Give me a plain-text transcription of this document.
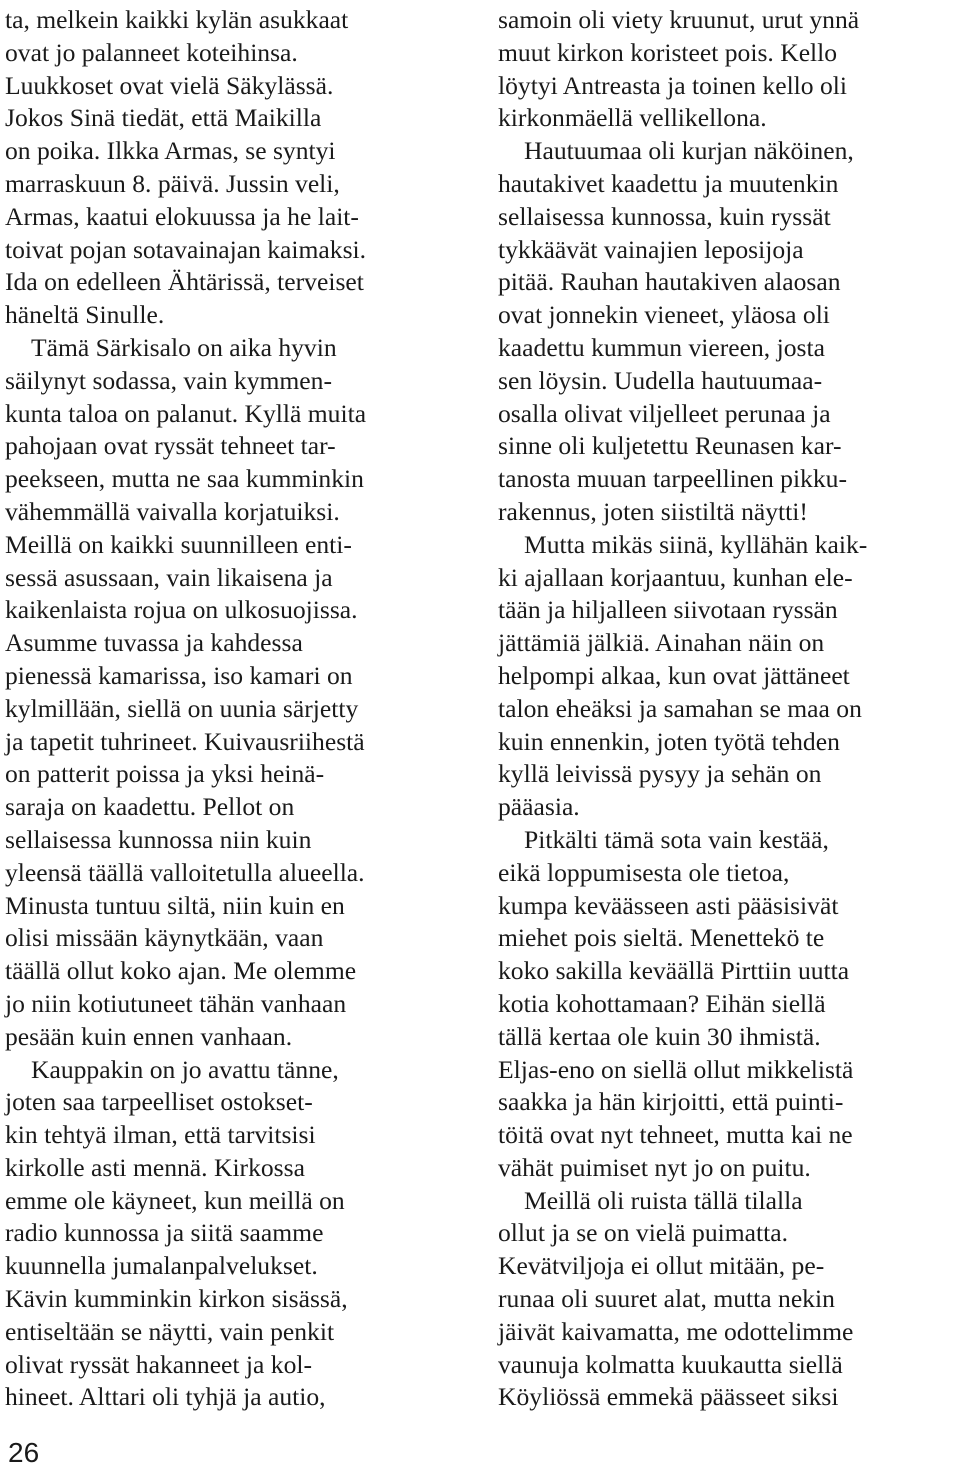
ta, melkein kaikki kylän asukkaat
ovat jo palanneet koteihinsa.
Luukkoset ovat vielä Säkylässä.
Jokos Sinä tiedät, että Maikilla
on poika. Ilkka Armas, se syntyi
marraskuun 8. päivä. Jussin veli,
Armas, kaatui elokuussa ja he lait-
toivat pojan sotavainajan kaimaksi.
Ida on edelleen Ähtärissä, terveiset
häneltä Sinulle.
Tämä Särkisalo on aika hyvin
säilynyt sodassa, vain kymmen-
kunta taloa on palanut. Kyllä muita
pahojaan ovat ryssät tehneet tar-
peekseen, mutta ne saa kumminkin
vähemmällä vaivalla korjatuiksi.
Meillä on kaikki suunnilleen enti-
sessä asussaan, vain likaisena ja
kaikenlaista rojua on ulkosuojissa.
Asumme tuvassa ja kahdessa
pienessä kamarissa, iso kamari on
kylmillään, siellä on uunia särjetty
ja tapetit tuhrineet. Kuivausriihestä
on patterit poissa ja yksi heinä-
saraja on kaadettu. Pellot on
sellaisessa kunnossa niin kuin
yleensä täällä valloitetulla alueella.
Minusta tuntuu siltä, niin kuin en
olisi missään käynytkään, vaan
täällä ollut koko ajan. Me olemme
jo niin kotiutuneet tähän vanhaan
pesään kuin ennen vanhaan.
Kauppakin on jo avattu tänne,
joten saa tarpeelliset ostokset-
kin tehtyä ilman, että tarvitsisi
kirkolle asti mennä. Kirkossa
emme ole käyneet, kun meillä on
radio kunnossa ja siitä saamme
kuunnella jumalanpalvelukset.
Kävin kumminkin kirkon sisässä,
entiseltään se näytti, vain penkit
olivat ryssät hakanneet ja kol-
hineet. Alttari oli tyhjä ja autio,
samoin oli viety kruunut, urut ynnä
muut kirkon koristeet pois. Kello
löytyi Antreasta ja toinen kello oli
kirkonmäellä vellikellona.
Hautuumaa oli kurjan näköinen,
hautakivet kaadettu ja muutenkin
sellaisessa kunnossa, kuin ryssät
tykkäävät vainajien leposijoja
pitää. Rauhan hautakiven alaosan
ovat jonnekin vieneet, yläosa oli
kaadettu kummun viereen, josta
sen löysin. Uudella hautuumaa-
osalla olivat viljelleet perunaa ja
sinne oli kuljetettu Reunasen kar-
tanosta muuan tarpeellinen pikku-
rakennus, joten siistiltä näytti!
Mutta mikäs siinä, kyllähän kaik-
ki ajallaan korjaantuu, kunhan ele-
tään ja hiljalleen siivotaan ryssän
jättämiä jälkiä. Ainahan näin on
helpompi alkaa, kun ovat jättäneet
talon eheäksi ja samahan se maa on
kuin ennenkin, joten työtä tehden
kyllä leivissä pysyy ja sehän on
pääasia.
Pitkälti tämä sota vain kestää,
eikä loppumisesta ole tietoa,
kumpa keväässeen asti pääsisivät
miehet pois sieltä. Menettekö te
koko sakilla keväällä Pirttiin uutta
kotia kohottamaan? Eihän siellä
tällä kertaa ole kuin 30 ihmistä.
Eljas-eno on siellä ollut mikkelistä
saakka ja hän kirjoitti, että puinti-
töitä ovat nyt tehneet, mutta kai ne
vähät puimiset nyt jo on puitu.
Meillä oli ruista tällä tilalla
ollut ja se on vielä puimatta.
Kevätviljoja ei ollut mitään, pe-
runaa oli suuret alat, mutta nekin
jäivät kaivamatta, me odottelimme
vaunuja kolmatta kuukautta siellä
Köyliössä emmekä päässeet siksi
26
